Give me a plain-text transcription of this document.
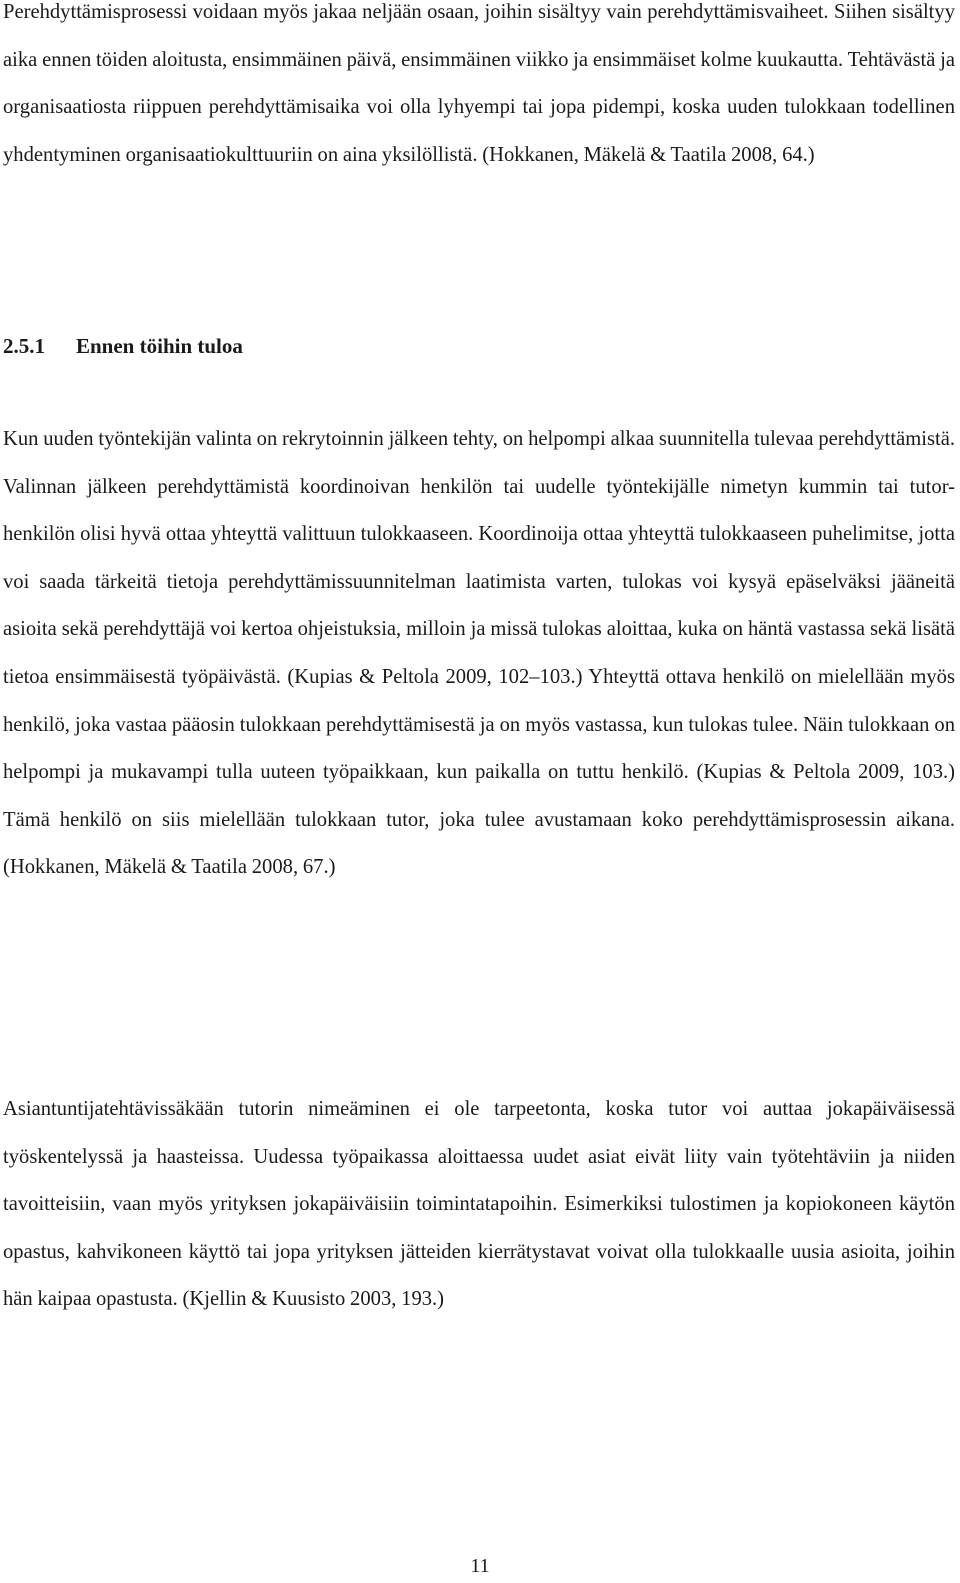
Perehdyttämisprosessi voidaan myös jakaa neljään osaan, joihin sisältyy vain perehdyttämisvaiheet. Siihen sisältyy aika ennen töiden aloitusta, ensimmäinen päivä, ensimmäinen viikko ja ensimmäiset kolme kuukautta. Tehtävästä ja organisaatiosta riippuen perehdyttämisaika voi olla lyhyempi tai jopa pidempi, koska uuden tulokkaan todellinen yhdentyminen organisaatiokulttuuriin on aina yksilöllistä. (Hokkanen, Mäkelä & Taatila 2008, 64.)

2.5.1 Ennen töihin tuloa

Kun uuden työntekijän valinta on rekrytoinnin jälkeen tehty, on helpompi alkaa suunnitella tulevaa perehdyttämistä. Valinnan jälkeen perehdyttämistä koordinoivan henkilön tai uudelle työntekijälle nimetyn kummin tai tutor-henkilön olisi hyvä ottaa yhteyttä valittuun tulokkaaseen. Koordinoija ottaa yhteyttä tulokkaaseen puhelimitse, jotta voi saada tärkeitä tietoja perehdyttämissuunnitelman laatimista varten, tulokas voi kysyä epäselväksi jääneitä asioita sekä perehdyttäjä voi kertoa ohjeistuksia, milloin ja missä tulokas aloittaa, kuka on häntä vastassa sekä lisätä tietoa ensimmäisestä työpäivästä. (Kupias & Peltola 2009, 102–103.) Yhteyttä ottava henkilö on mielellään myös henkilö, joka vastaa pääosin tulokkaan perehdyttämisestä ja on myös vastassa, kun tulokas tulee. Näin tulokkaan on helpompi ja mukavampi tulla uuteen työpaikkaan, kun paikalla on tuttu henkilö. (Kupias & Peltola 2009, 103.) Tämä henkilö on siis mielellään tulokkaan tutor, joka tulee avustamaan koko perehdyttämisprosessin aikana. (Hokkanen, Mäkelä & Taatila 2008, 67.)

Asiantuntijatehtävissäkään tutorin nimeäminen ei ole tarpeetonta, koska tutor voi auttaa jokapäiväisessä työskentelyssä ja haasteissa. Uudessa työpaikassa aloittaessa uudet asiat eivät liity vain työtehtäviin ja niiden tavoitteisiin, vaan myös yrityksen jokapäiväisiin toimintatapoihin. Esimerkiksi tulostimen ja kopiokoneen käytön opastus, kahvikoneen käyttö tai jopa yrityksen jätteiden kierrätystavat voivat olla tulokkaalle uusia asioita, joihin hän kaipaa opastusta. (Kjellin & Kuusisto 2003, 193.)

11
